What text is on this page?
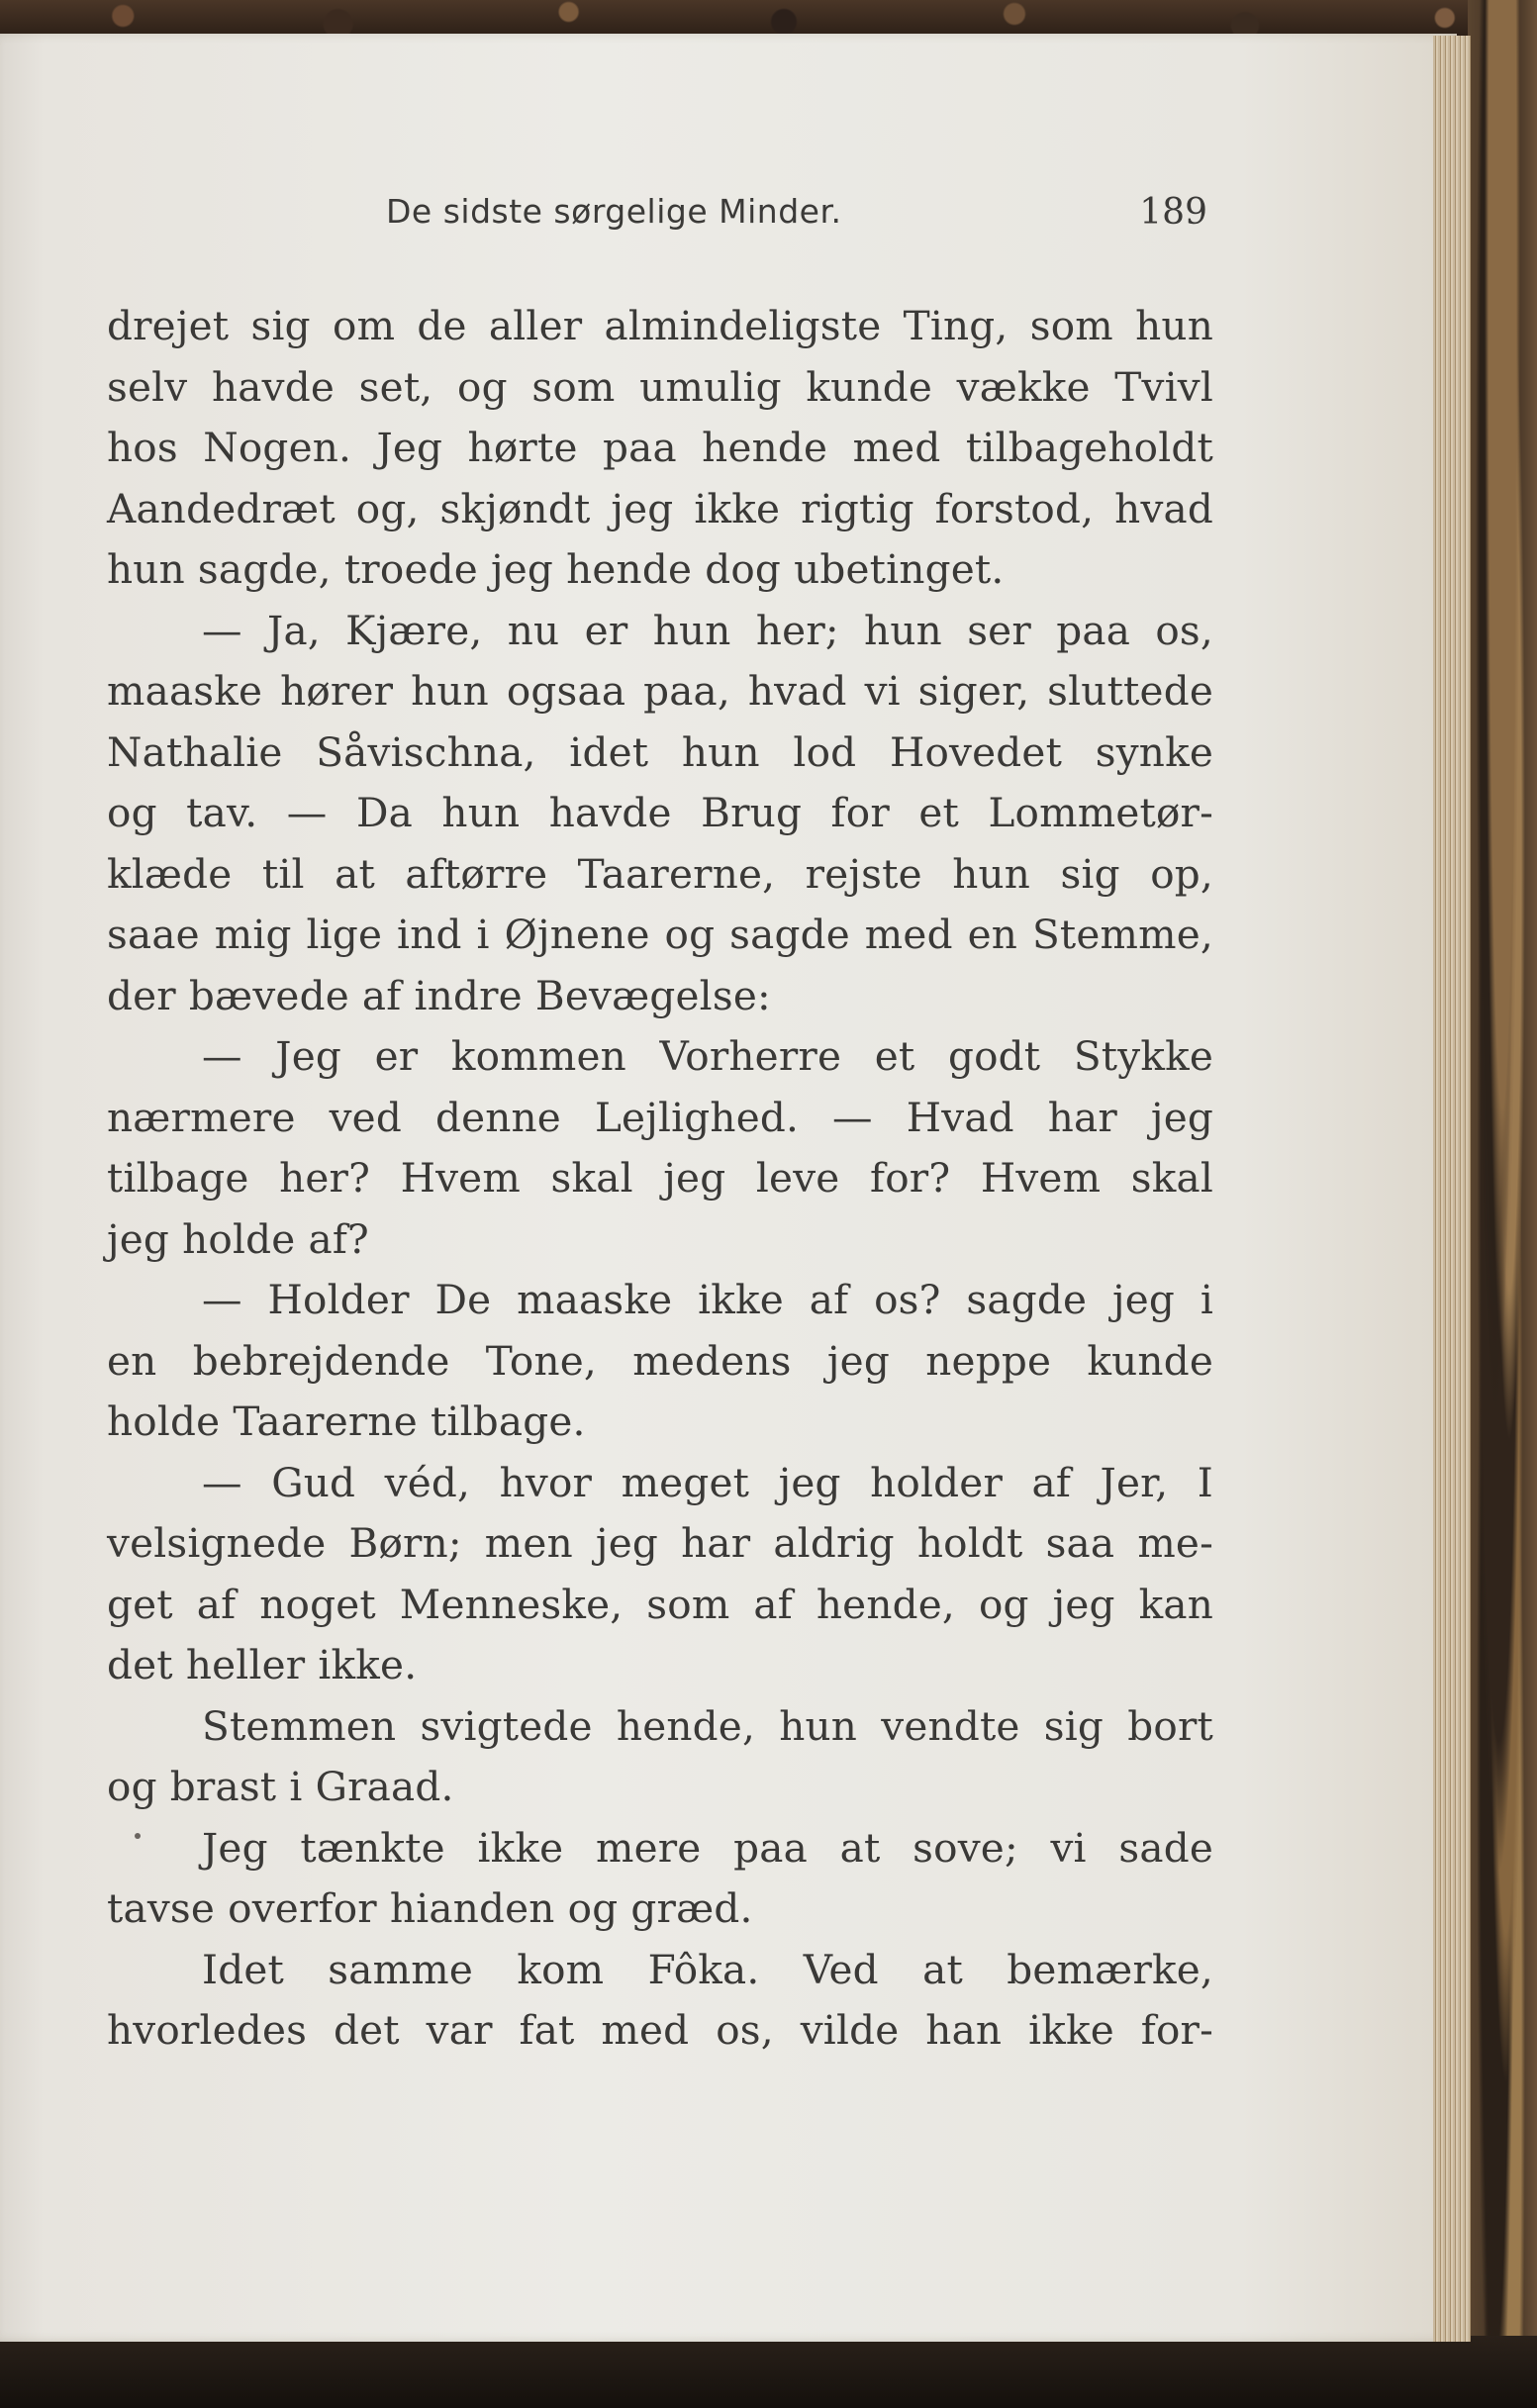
De sidste sørgelige Minder.	189
drejet sig om de aller almindeligste Ting, som hun
selv havde set, og som umulig kunde vække Tvivl
hos Nogen. Jeg hørte paa hende med tilbageholdt
Aandedræt og, skjøndt jeg ikke rigtig forstod, hvad
hun sagde, troede jeg hende dog ubetinget.
— Ja, Kjære, nu er hun her; hun ser paa os,
maaske hører hun ogsaa paa, hvad vi siger, sluttede
Nathalie Såvischna, idet hun lod Hovedet synke
og tav. — Da hun havde Brug for et Lommetør-
klæde til at aftørre Taarerne, rejste hun sig op,
saae mig lige ind i Øjnene og sagde med en Stemme,
der bævede af indre Bevægelse:
— Jeg er kommen Vorherre et godt Stykke
nærmere ved denne Lejlighed. — Hvad har jeg
tilbage her? Hvem skal jeg leve for? Hvem skal
jeg holde af?
— Holder De maaske ikke af os? sagde jeg i
en bebrejdende Tone, medens jeg neppe kunde
holde Taarerne tilbage.
— Gud véd, hvor meget jeg holder af Jer, I
velsignede Børn; men jeg har aldrig holdt saa me-
get af noget Menneske, som af hende, og jeg kan
det heller ikke.
Stemmen svigtede hende, hun vendte sig bort
og brast i Graad.
Jeg tænkte ikke mere paa at sove; vi sade
tavse overfor hianden og græd.
Idet samme kom Fôka. Ved at bemærke,
hvorledes det var fat med os, vilde han ikke for-
